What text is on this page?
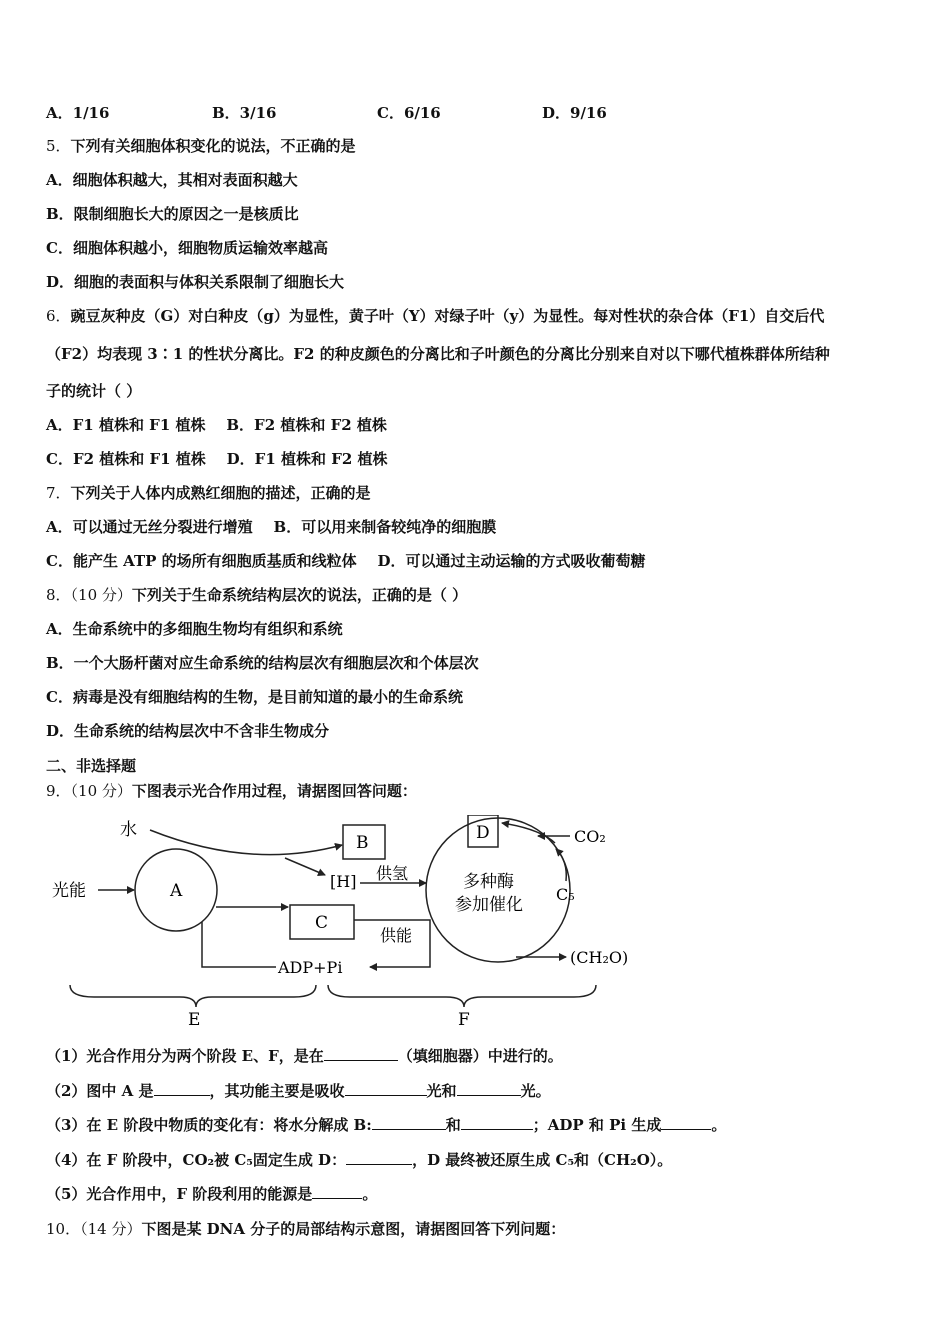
A．1/16	B．3/16	C．6/16	D．9/16
5．下列有关细胞体积变化的说法，不正确的是
A．细胞体积越大，其相对表面积越大
B．限制细胞长大的原因之一是核质比
C．细胞体积越小，细胞物质运输效率越高
D．细胞的表面积与体积关系限制了细胞长大
6．豌豆灰种皮（G）对白种皮（g）为显性，黄子叶（Y）对绿子叶（y）为显性。每对性状的杂合体（F1）自交后代
（F2）均表现 3∶1 的性状分离比。F2 的种皮颜色的分离比和子叶颜色的分离比分别来自对以下哪代植株群体所结种
子的统计（ ）
A．F1 植株和 F1 植株    B．F2 植株和 F2 植株
C．F2 植株和 F1 植株    D．F1 植株和 F2 植株
7．下列关于人体内成熟红细胞的描述，正确的是
A．可以通过无丝分裂进行增殖    B．可以用来制备较纯净的细胞膜
C．能产生 ATP 的场所有细胞质基质和线粒体    D．可以通过主动运输的方式吸收葡萄糖
8．（10 分）下列关于生命系统结构层次的说法，正确的是（ ）
A．生命系统中的多细胞生物均有组织和系统
B．一个大肠杆菌对应生命系统的结构层次有细胞层次和个体层次
C．病毒是没有细胞结构的生物，是目前知道的最小的生命系统
D．生命系统的结构层次中不含非生物成分
二、非选择题
9．（10 分）下图表示光合作用过程，请据图回答问题：
水
光能	A
B
[H] 供氢
C
供能
ADP+Pi
多种酶
参加催化
D	CO₂
C₅
(CH₂O)
E	F
（1）光合作用分为两个阶段 E、F，是在	（填细胞器）中进行的。
（2）图中 A 是	，其功能主要是吸收	光和	光。
（3）在 E 阶段中物质的变化有：将水分解成 B:	和	；ADP 和 Pi 生成	。
（4）在 F 阶段中，CO₂被 C₅固定生成 D：	，D 最终被还原生成 C₅和（CH₂O）。
（5）光合作用中，F 阶段利用的能源是	。
10．（14 分）下图是某 DNA 分子的局部结构示意图，请据图回答下列问题：
